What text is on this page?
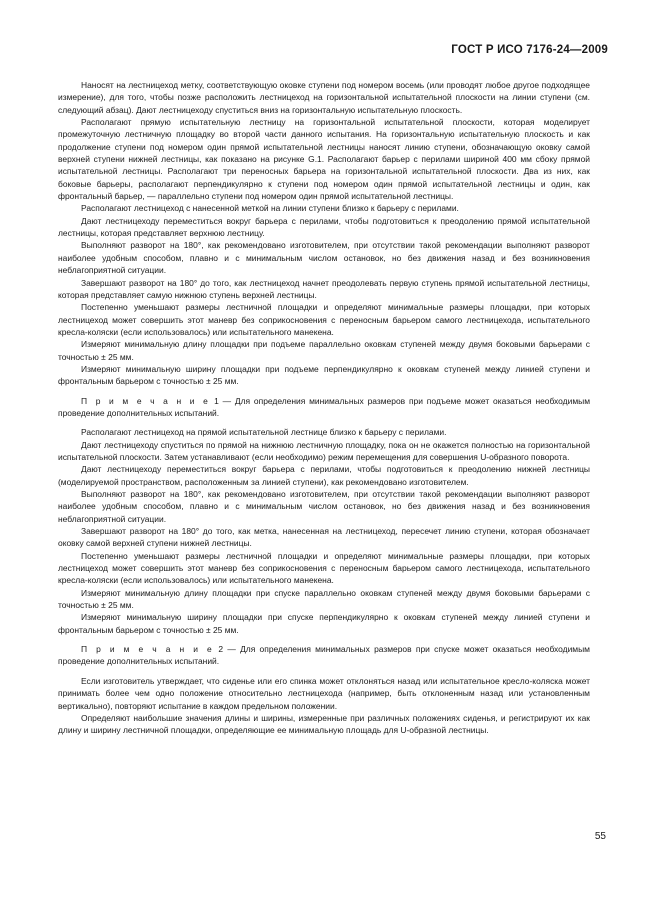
ГОСТ Р ИСО 7176-24—2009

Наносят на лестницеход метку, соответствующую оковке ступени под номером восемь (или проводят любое другое подходящее измерение), для того, чтобы позже расположить лестницеход на горизонтальной испытательной плоскости на линии ступени (см. следующий абзац). Дают лестницеходу спуститься вниз на горизонтальную испытательную плоскость.

Располагают прямую испытательную лестницу на горизонтальной испытательной плоскости, которая моделирует промежуточную лестничную площадку во второй части данного испытания. На горизонтальную испытательную плоскость и как продолжение ступени под номером один прямой испытательной лестницы наносят линию ступени, обозначающую оковку самой верхней ступени нижней лестницы, как показано на рисунке G.1. Располагают барьер с перилами шириной 400 мм сбоку прямой испытательной лестницы. Располагают три переносных барьера на горизонтальной испытательной плоскости. Два из них, как боковые барьеры, располагают перпендикулярно к ступени под номером один прямой испытательной лестницы и один, как фронтальный барьер, — параллельно ступени под номером один прямой испытательной лестницы.

Располагают лестницеход с нанесенной меткой на линии ступени близко к барьеру с перилами.

Дают лестницеходу переместиться вокруг барьера с перилами, чтобы подготовиться к преодолению прямой испытательной лестницы, которая представляет верхнюю лестницу.

Выполняют разворот на 180°, как рекомендовано изготовителем, при отсутствии такой рекомендации выполняют разворот наиболее удобным способом, плавно и с минимальным числом остановок, но без движения назад и без возникновения неблагоприятной ситуации.

Завершают разворот на 180° до того, как лестницеход начнет преодолевать первую ступень прямой испытательной лестницы, которая представляет самую нижнюю ступень верхней лестницы.

Постепенно уменьшают размеры лестничной площадки и определяют минимальные размеры площадки, при которых лестницеход может совершить этот маневр без соприкосновения с переносным барьером самого лестницехода, испытательного кресла-коляски (если использовалось) или испытательного манекена.

Измеряют минимальную длину площадки при подъеме параллельно оковкам ступеней между двумя боковыми барьерами с точностью ± 25 мм.

Измеряют минимальную ширину площадки при подъеме перпендикулярно к оковкам ступеней между линией ступени и фронтальным барьером с точностью ± 25 мм.

П р и м е ч а н и е 1 — Для определения минимальных размеров при подъеме может оказаться необходимым проведение дополнительных испытаний.

Располагают лестницеход на прямой испытательной лестнице близко к барьеру с перилами.

Дают лестницеходу спуститься по прямой на нижнюю лестничную площадку, пока он не окажется полностью на горизонтальной испытательной плоскости. Затем устанавливают (если необходимо) режим перемещения для совершения U-образного поворота.

Дают лестницеходу переместиться вокруг барьера с перилами, чтобы подготовиться к преодолению нижней лестницы (моделируемой пространством, расположенным за линией ступени), как рекомендовано изготовителем.

Выполняют разворот на 180°, как рекомендовано изготовителем, при отсутствии такой рекомендации выполняют разворот наиболее удобным способом, плавно и с минимальным числом остановок, но без движения назад и без возникновения неблагоприятной ситуации.

Завершают разворот на 180° до того, как метка, нанесенная на лестницеход, пересечет линию ступени, которая обозначает оковку самой верхней ступени нижней лестницы.

Постепенно уменьшают размеры лестничной площадки и определяют минимальные размеры площадки, при которых лестницеход может совершить этот маневр без соприкосновения с переносным барьером самого лестницехода, испытательного кресла-коляски (если использовалось) или испытательного манекена.

Измеряют минимальную длину площадки при спуске параллельно оковкам ступеней между двумя боковыми барьерами с точностью ± 25 мм.

Измеряют минимальную ширину площадки при спуске перпендикулярно к оковкам ступеней между линией ступени и фронтальным барьером с точностью ± 25 мм.

П р и м е ч а н и е 2 — Для определения минимальных размеров при спуске может оказаться необходимым проведение дополнительных испытаний.

Если изготовитель утверждает, что сиденье или его спинка может отклоняться назад или испытательное кресло-коляска может принимать более чем одно положение относительно лестницехода (например, быть отклоненным назад или установленным вертикально), повторяют испытание в каждом предельном положении.

Определяют наибольшие значения длины и ширины, измеренные при различных положениях сиденья, и регистрируют их как длину и ширину лестничной площадки, определяющие ее минимальную площадь для U-образной лестницы.

55
